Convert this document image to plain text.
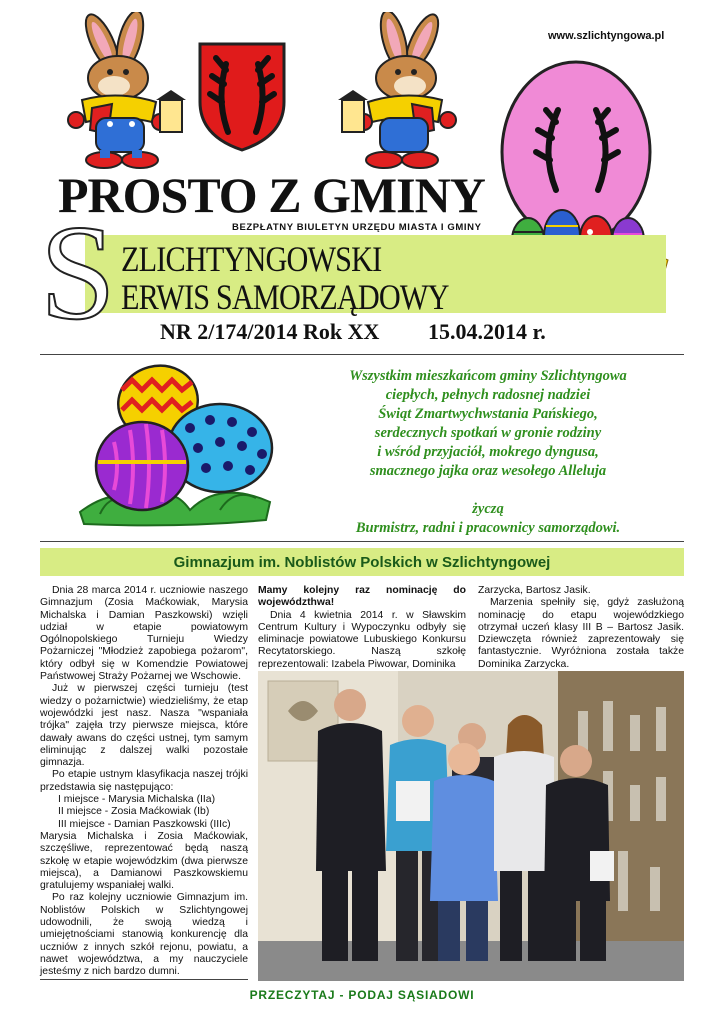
www.szlichtyngowa.pl
PROSTO Z GMINY
BEZPŁATNY BIULETYN URZĘDU MIASTA I GMINY
S ZLICHTYNGOWSKI
ERWIS SAMORZĄDOWY
NR 2/174/2014 Rok XX 15.04.2014 r.
Wszystkim mieszkańcom gminy Szlichtyngowa
ciepłych, pełnych radosnej nadziei
Świąt Zmartwychwstania Pańskiego,
serdecznych spotkań w gronie rodziny
i wśród przyjaciół, mokrego dyngusa,
smacznego jajka oraz wesołego Alleluja
życzą
Burmistrz, radni i pracownicy samorządowi.
Gimnazjum im. Noblistów Polskich w Szlichtyngowej

Dnia 28 marca 2014 r. uczniowie naszego Gimnazjum (Zosia Maćkowiak, Marysia Michalska i Damian Paszkowski) wzięli udział w etapie powiatowym Ogólnopolskiego Turnieju Wiedzy Pożarniczej "Młodzież zapobiega pożarom", który odbył się w Komendzie Powiatowej Państwowej Straży Pożarnej we Wschowie.

Już w pierwszej części turnieju (test wiedzy o pożarnictwie) wiedzieliśmy, że etap wojewódzki jest nasz. Nasza "wspaniała trójka" zajęła trzy pierwsze miejsca, które dawały awans do części ustnej, tym samym eliminując z dalszej walki pozostałe gimnazja.

Po etapie ustnym klasyfikacja naszej trójki przedstawia się następująco:

I miejsce - Marysia Michalska (IIa)

II miejsce - Zosia Maćkowiak (Ib)

III miejsce - Damian Paszkowski (IIIc)

Marysia Michalska i Zosia Maćkowiak, szczęśliwe, reprezentować będą naszą szkołę w etapie wojewódzkim (dwa pierwsze miejsca), a Damianowi Paszkowskiemu gratulujemy wspaniałej walki.

Po raz kolejny uczniowie Gimnazjum im. Noblistów Polskich w Szlichtyngowej udowodnili, że swoją wiedzą i umiejętnościami stanowią konkurencję dla uczniów z innych szkół rejonu, powiatu, a nawet województwa, a my nauczyciele jesteśmy z nich bardzo dumni.

Mamy kolejny raz nominację do województhwa!

Dnia 4 kwietnia 2014 r. w Sławskim Centrum Kultury i Wypoczynku odbyły się eliminacje powiatowe Lubuskiego Konkursu Recytatorskiego. Naszą szkołę reprezentowali: Izabela Piwowar, Dominika

Zarzycka, Bartosz Jasik.

Marzenia spełniły się, gdyż zasłużoną nominację do etapu wojewódzkiego otrzymał uczeń klasy III B – Bartosz Jasik. Dziewczęta również zaprezentowały się fantastycznie. Wyróżniona została także Dominika Zarzycka.

PRZECZYTAJ - PODAJ SĄSIADOWI
